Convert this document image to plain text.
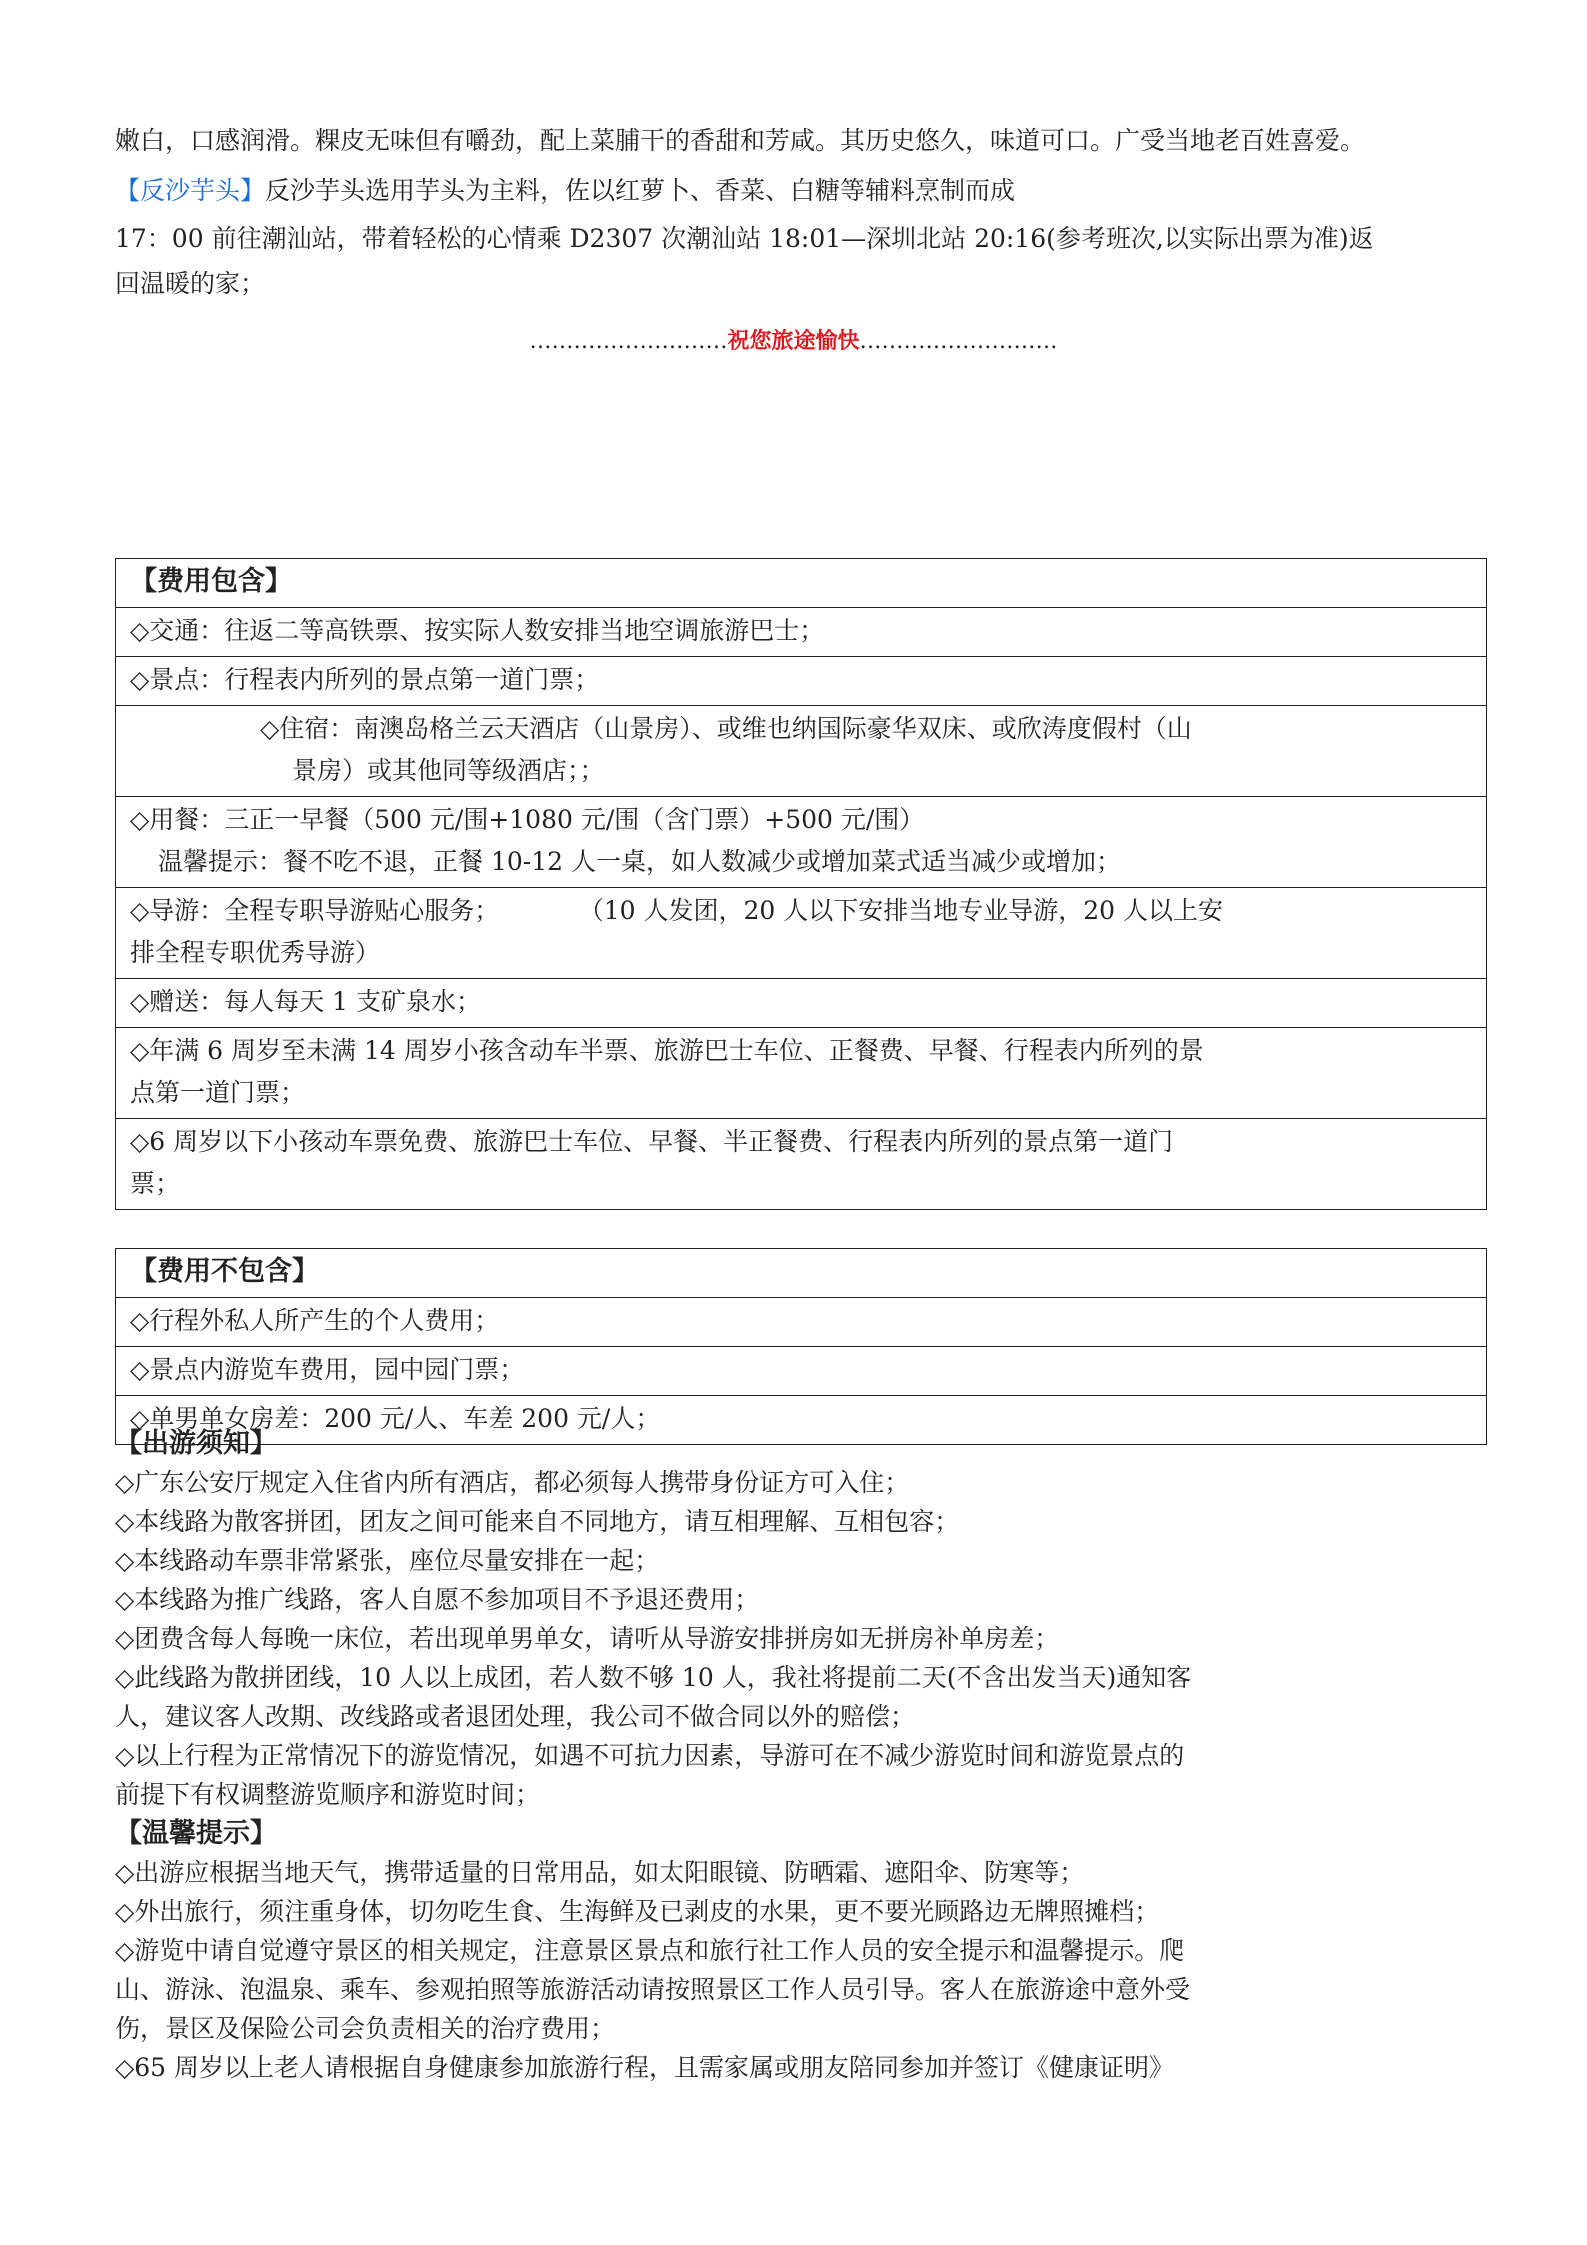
嫩白，口感润滑。粿皮无味但有嚼劲，配上菜脯干的香甜和芳咸。其历史悠久，味道可口。广受当地老百姓喜爱。

【反沙芋头】反沙芋头选用芋头为主料，佐以红萝卜、香菜、白糖等辅料烹制而成

17：00 前往潮汕站，带着轻松的心情乘 D2307 次潮汕站 18:01—深圳北站 20:16(参考班次,以实际出票为准)返

回温暖的家；

………………………祝您旅途愉快………………………
【费用包含】
◇交通：往返二等高铁票、按实际人数安排当地空调旅游巴士；
◇景点：行程表内所列的景点第一道门票；

◇住宿：南澳岛格兰云天酒店（山景房）、或维也纳国际豪华双床、或欣涛度假村（山
景房）或其他同等级酒店；；

◇用餐：三正一早餐（500 元/围+1080 元/围（含门票）+500 元/围）
温馨提示：餐不吃不退，正餐 10-12 人一桌，如人数减少或增加菜式适当减少或增加；

◇导游：全程专职导游贴心服务；          （10 人发团，20 人以下安排当地专业导游，20 人以上安
排全程专职优秀导游）

◇赠送：每人每天 1 支矿泉水；

◇年满 6 周岁至未满 14 周岁小孩含动车半票、旅游巴士车位、正餐费、早餐、行程表内所列的景
点第一道门票；

◇6 周岁以下小孩动车票免费、旅游巴士车位、早餐、半正餐费、行程表内所列的景点第一道门
票；
【费用不包含】
◇行程外私人所产生的个人费用；
◇景点内游览车费用，园中园门票；
◇单男单女房差：200 元/人、车差 200 元/人；
【出游须知】
◇广东公安厅规定入住省内所有酒店，都必须每人携带身份证方可入住；
◇本线路为散客拼团，团友之间可能来自不同地方，请互相理解、互相包容；
◇本线路动车票非常紧张，座位尽量安排在一起；
◇本线路为推广线路，客人自愿不参加项目不予退还费用；
◇团费含每人每晚一床位，若出现单男单女，请听从导游安排拼房如无拼房补单房差；
◇此线路为散拼团线，10 人以上成团，若人数不够 10 人，我社将提前二天(不含出发当天)通知客
人，建议客人改期、改线路或者退团处理，我公司不做合同以外的赔偿；
◇以上行程为正常情况下的游览情况，如遇不可抗力因素，导游可在不减少游览时间和游览景点的
前提下有权调整游览顺序和游览时间；
【温馨提示】
◇出游应根据当地天气，携带适量的日常用品，如太阳眼镜、防晒霜、遮阳伞、防寒等；
◇外出旅行，须注重身体，切勿吃生食、生海鲜及已剥皮的水果，更不要光顾路边无牌照摊档；
◇游览中请自觉遵守景区的相关规定，注意景区景点和旅行社工作人员的安全提示和温馨提示。爬
山、游泳、泡温泉、乘车、参观拍照等旅游活动请按照景区工作人员引导。客人在旅游途中意外受
伤，景区及保险公司会负责相关的治疗费用；
◇65 周岁以上老人请根据自身健康参加旅游行程，且需家属或朋友陪同参加并签订《健康证明》
